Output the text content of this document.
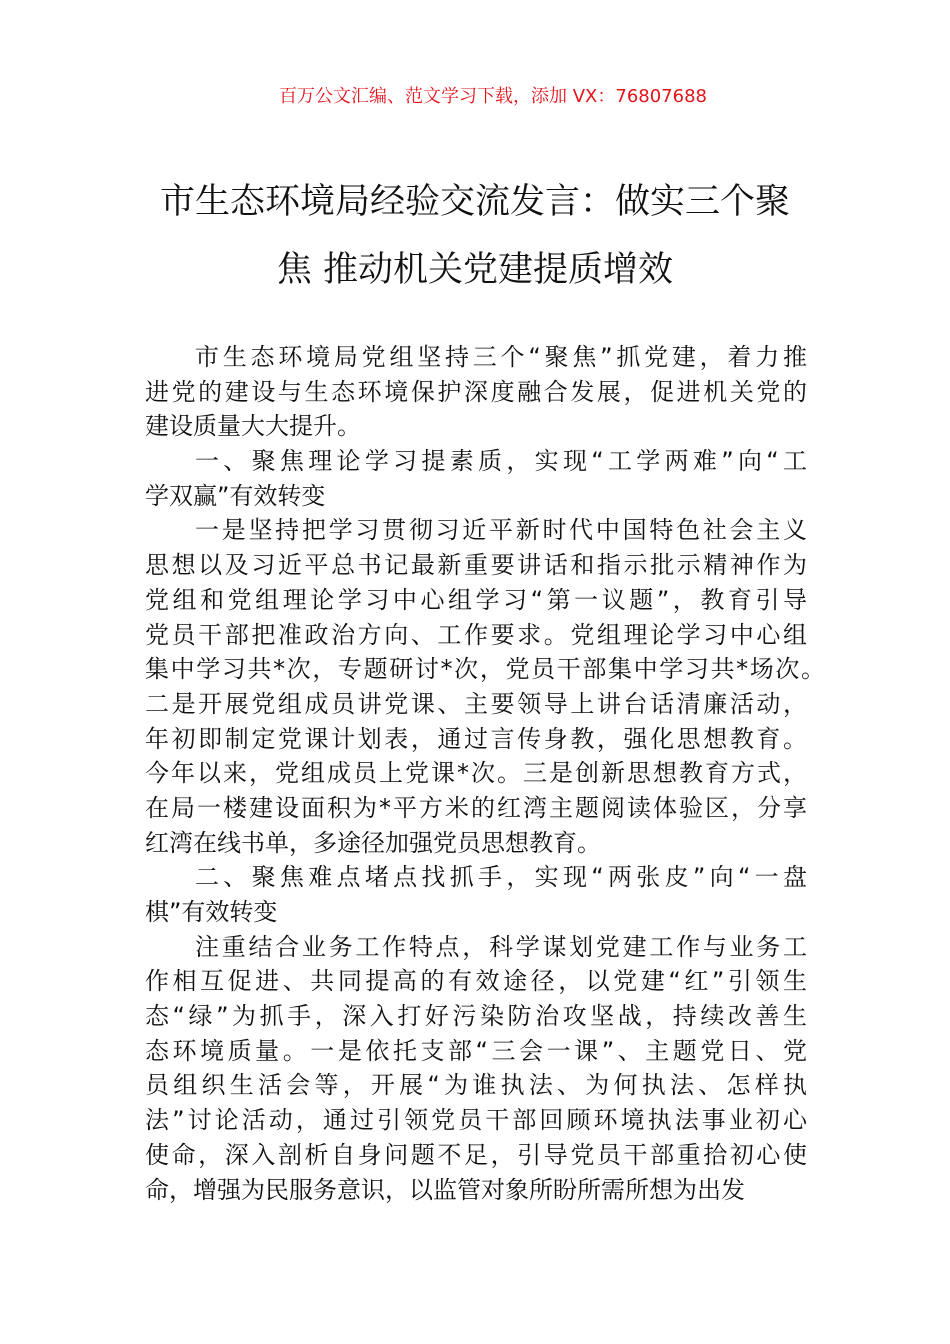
百万公文汇编、范文学习下载，添加 VX：76807688
市生态环境局经验交流发言：做实三个聚
焦 推动机关党建提质增效
市生态环境局党组坚持三个“聚焦”抓党建，着力推
进党的建设与生态环境保护深度融合发展，促进机关党的
建设质量大大提升。
一、聚焦理论学习提素质，实现“工学两难”向“工
学双赢”有效转变
一是坚持把学习贯彻习近平新时代中国特色社会主义
思想以及习近平总书记最新重要讲话和指示批示精神作为
党组和党组理论学习中心组学习“第一议题”，教育引导
党员干部把准政治方向、工作要求。党组理论学习中心组
集中学习共*次，专题研讨*次，党员干部集中学习共*场次。
二是开展党组成员讲党课、主要领导上讲台话清廉活动，
年初即制定党课计划表，通过言传身教，强化思想教育。
今年以来，党组成员上党课*次。三是创新思想教育方式，
在局一楼建设面积为*平方米的红湾主题阅读体验区，分享
红湾在线书单，多途径加强党员思想教育。
二、聚焦难点堵点找抓手，实现“两张皮”向“一盘
棋”有效转变
注重结合业务工作特点，科学谋划党建工作与业务工
作相互促进、共同提高的有效途径，以党建“红”引领生
态“绿”为抓手，深入打好污染防治攻坚战，持续改善生
态环境质量。一是依托支部“三会一课”、主题党日、党
员组织生活会等，开展“为谁执法、为何执法、怎样执
法”讨论活动，通过引领党员干部回顾环境执法事业初心
使命，深入剖析自身问题不足，引导党员干部重拾初心使
命，增强为民服务意识，以监管对象所盼所需所想为出发
